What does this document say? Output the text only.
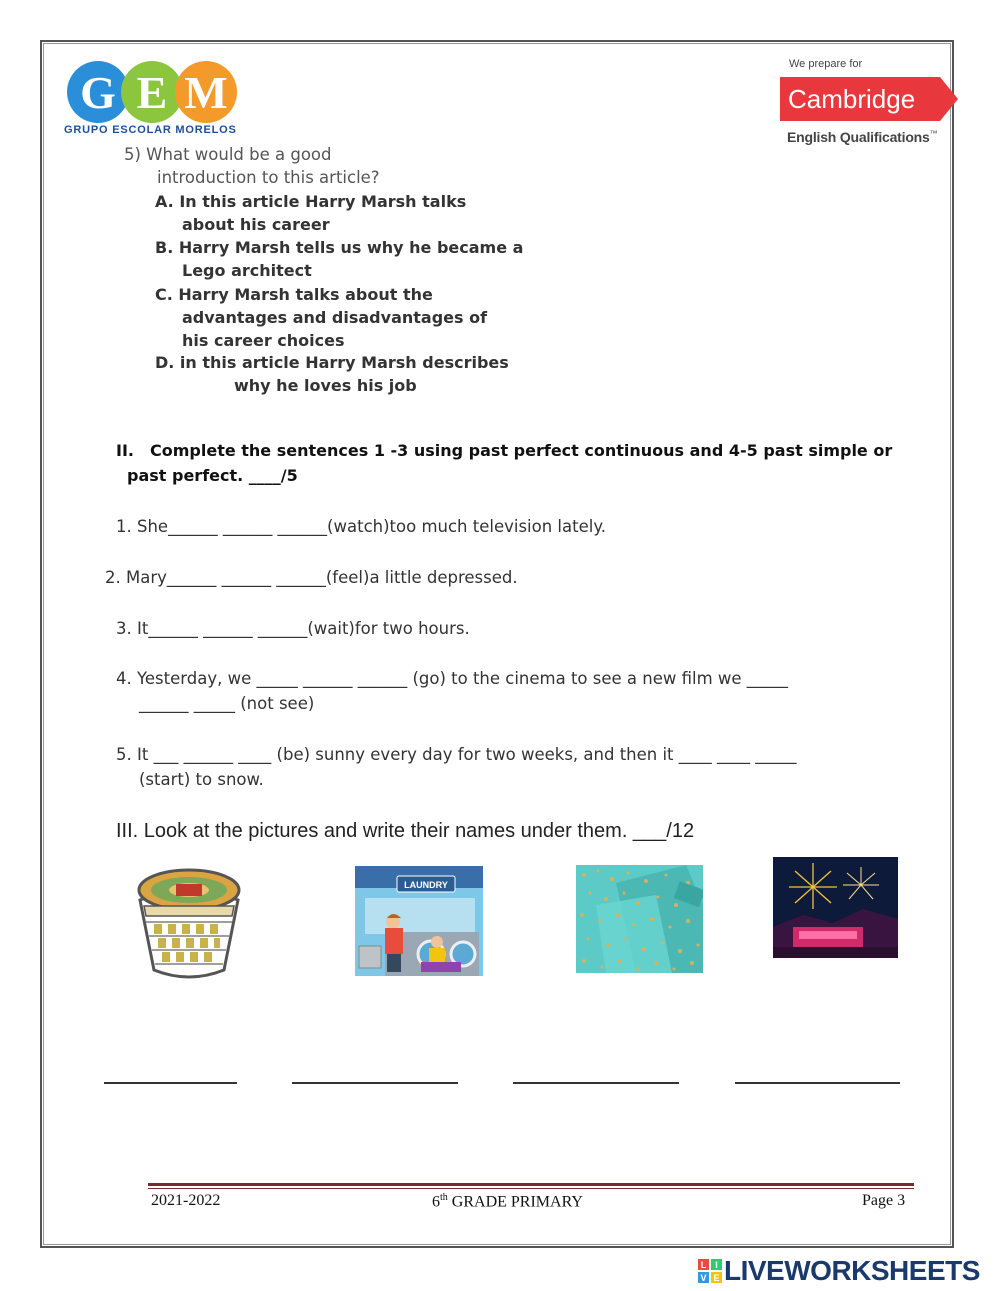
G E M
GRUPO ESCOLAR MORELOS
We prepare for
Cambridge
English Qualifications™
5) What would be a good
introduction to this article?
A. In this article Harry Marsh talks
about his career
B. Harry Marsh tells us why he became a
Lego architect
C. Harry Marsh talks about the
advantages and disadvantages of
his career choices
D. in this article Harry Marsh describes
why he loves his job
II. Complete the sentences 1 -3 using past perfect continuous and 4-5 past simple or
past perfect. ____/5
1. She______ ______ ______(watch)too much television lately.
2. Mary______ ______ ______(feel)a little depressed.
3. It______ ______ ______(wait)for two hours.
4. Yesterday, we _____ ______ ______ (go) to the cinema to see a new film we _____
______ _____ (not see)
5. It ___ ______ ____ (be) sunny every day for two weeks, and then it ____ ____ _____
(start) to snow.
III. Look at the pictures and write their names under them. ___/12
LAUNDRY
2021-2022	6th GRADE PRIMARY	Page 3
L I
V E LIVEWORKSHEETS
